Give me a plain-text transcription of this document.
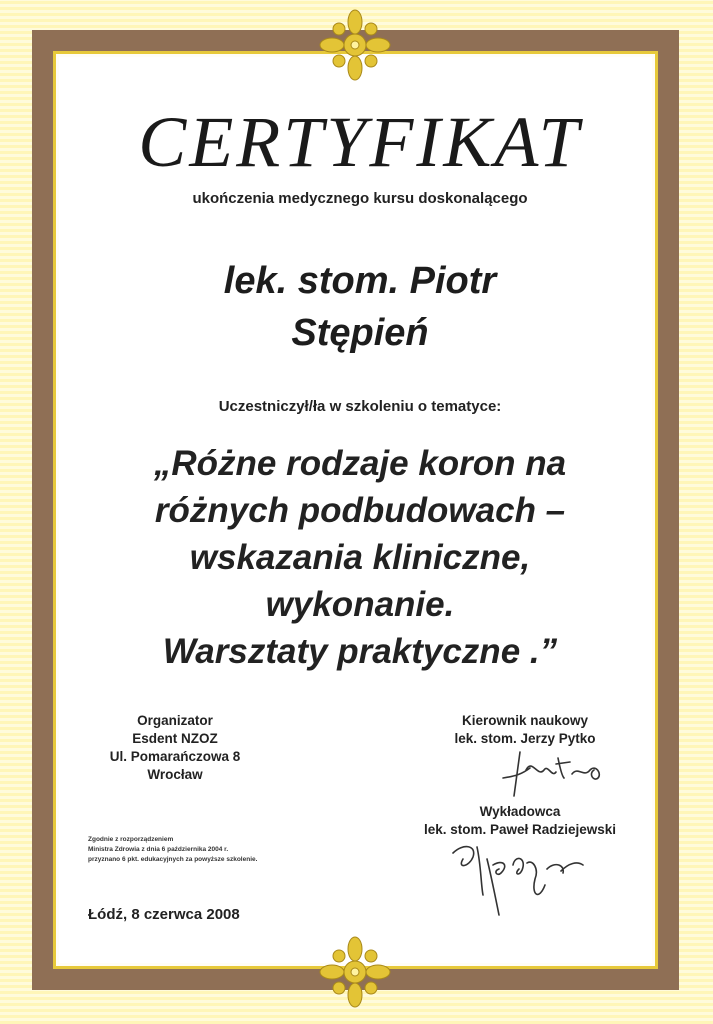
CERTYFIKAT
ukończenia medycznego kursu doskonalącego
lek. stom. Piotr
Stępień
Uczestniczył/ła w szkoleniu o tematyce:
„Różne rodzaje koron na
różnych podbudowach –
wskazania kliniczne,
wykonanie.
Warsztaty praktyczne .”
Organizator
Esdent NZOZ
Ul. Pomarańczowa 8
Wrocław
Kierownik naukowy
lek. stom. Jerzy Pytko
Wykładowca
lek. stom. Paweł Radziejewski
Zgodnie z rozporządzeniem
Ministra Zdrowia z dnia 6 października 2004 r.
przyznano 6 pkt. edukacyjnych za powyższe szkolenie.
Łódź, 8 czerwca 2008
